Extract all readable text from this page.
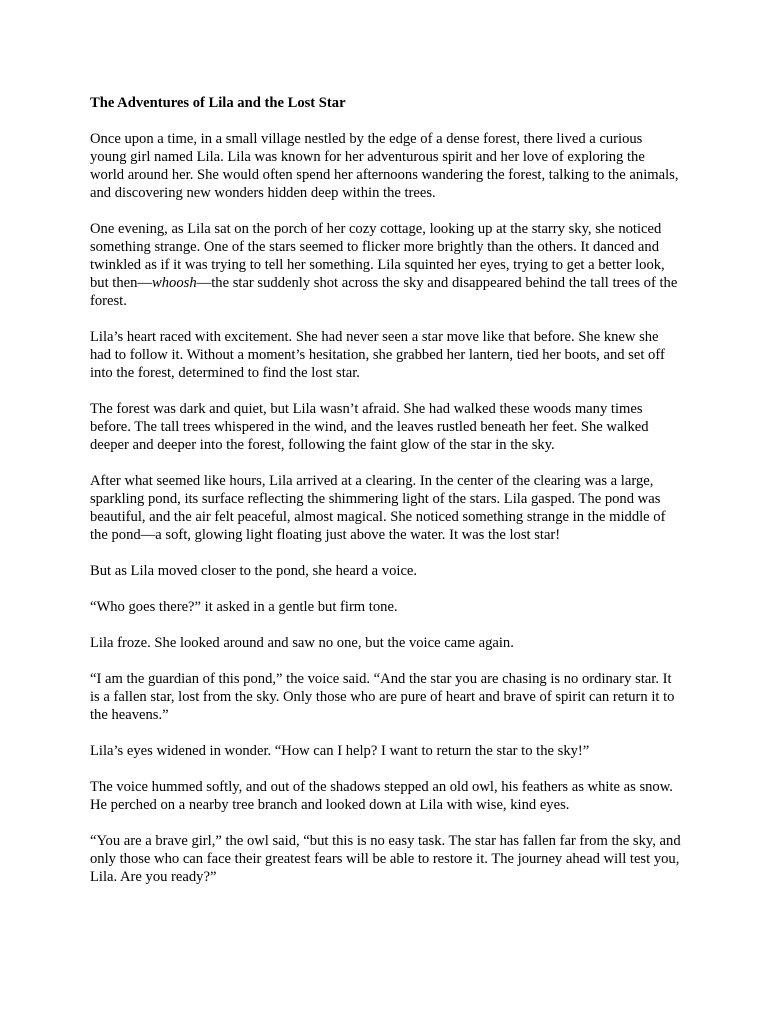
The Adventures of Lila and the Lost Star

Once upon a time, in a small village nestled by the edge of a dense forest, there lived a curious young girl named Lila. Lila was known for her adventurous spirit and her love of exploring the world around her. She would often spend her afternoons wandering the forest, talking to the animals, and discovering new wonders hidden deep within the trees.

One evening, as Lila sat on the porch of her cozy cottage, looking up at the starry sky, she noticed something strange. One of the stars seemed to flicker more brightly than the others. It danced and twinkled as if it was trying to tell her something. Lila squinted her eyes, trying to get a better look, but then—whoosh—the star suddenly shot across the sky and disappeared behind the tall trees of the forest.

Lila’s heart raced with excitement. She had never seen a star move like that before. She knew she had to follow it. Without a moment’s hesitation, she grabbed her lantern, tied her boots, and set off into the forest, determined to find the lost star.

The forest was dark and quiet, but Lila wasn’t afraid. She had walked these woods many times before. The tall trees whispered in the wind, and the leaves rustled beneath her feet. She walked deeper and deeper into the forest, following the faint glow of the star in the sky.

After what seemed like hours, Lila arrived at a clearing. In the center of the clearing was a large, sparkling pond, its surface reflecting the shimmering light of the stars. Lila gasped. The pond was beautiful, and the air felt peaceful, almost magical. She noticed something strange in the middle of the pond—a soft, glowing light floating just above the water. It was the lost star!

But as Lila moved closer to the pond, she heard a voice.

“Who goes there?” it asked in a gentle but firm tone.

Lila froze. She looked around and saw no one, but the voice came again.

“I am the guardian of this pond,” the voice said. “And the star you are chasing is no ordinary star. It is a fallen star, lost from the sky. Only those who are pure of heart and brave of spirit can return it to the heavens.”

Lila’s eyes widened in wonder. “How can I help? I want to return the star to the sky!”

The voice hummed softly, and out of the shadows stepped an old owl, his feathers as white as snow. He perched on a nearby tree branch and looked down at Lila with wise, kind eyes.

“You are a brave girl,” the owl said, “but this is no easy task. The star has fallen far from the sky, and only those who can face their greatest fears will be able to restore it. The journey ahead will test you, Lila. Are you ready?”
